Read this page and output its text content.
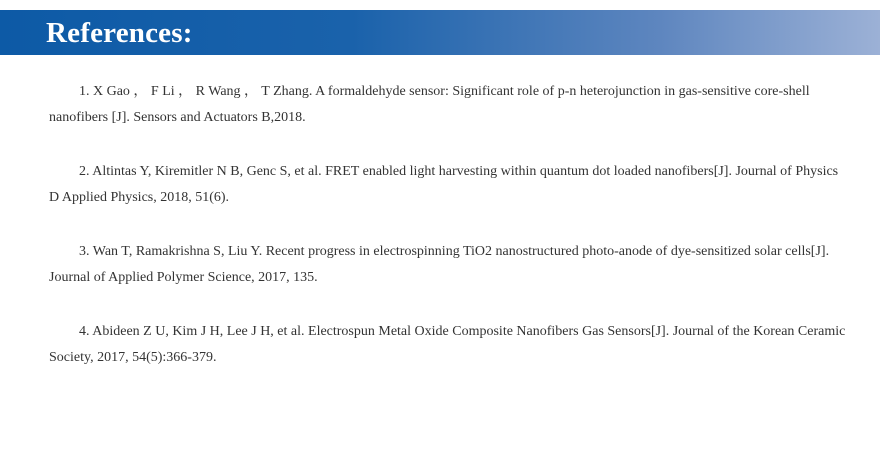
References:
1. X Gao ， F Li ， R Wang ， T Zhang. A formaldehyde sensor: Significant role of p-n heterojunction in gas-sensitive core-shell nanofibers [J]. Sensors and Actuators B,2018.
2. Altintas Y, Kiremitler N B, Genc S, et al. FRET enabled light harvesting within quantum dot loaded nanofibers[J]. Journal of Physics D Applied Physics, 2018, 51(6).
3. Wan T, Ramakrishna S, Liu Y. Recent progress in electrospinning TiO2 nanostructured photo-anode of dye-sensitized solar cells[J]. Journal of Applied Polymer Science, 2017, 135.
4. Abideen Z U, Kim J H, Lee J H, et al. Electrospun Metal Oxide Composite Nanofibers Gas Sensors[J]. Journal of the Korean Ceramic Society, 2017, 54(5):366-379.
